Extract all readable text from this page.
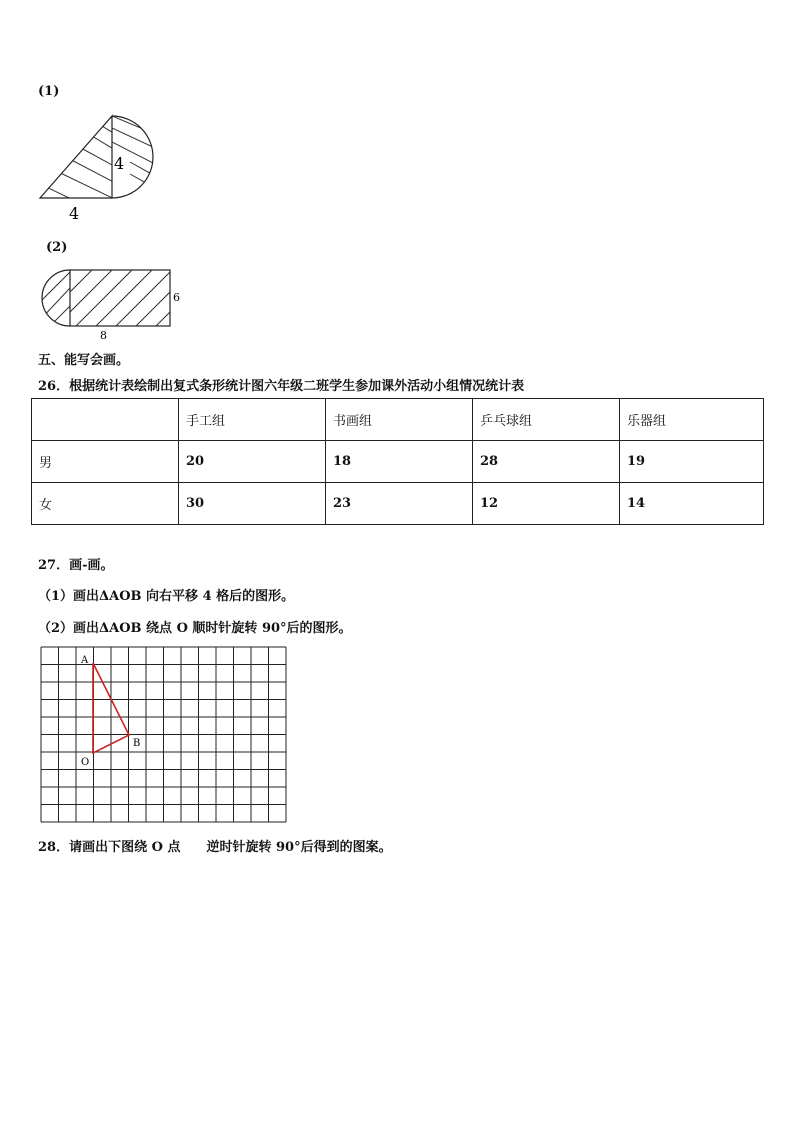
(1)
4
4
(2)
6
8
五、能写会画。
26．根据统计表绘制出复式条形统计图六年级二班学生参加课外活动小组情况统计表
	手工组	书画组	乒乓球组	乐器组
男	20	18	28	19
女	30	23	12	14
27．画-画。
（1）画出ΔAOB 向右平移 4 格后的图形。
（2）画出ΔAOB 绕点 O 顺时针旋转 90°后的图形。
A
B
O
28．请画出下图绕 O 点　　逆时针旋转 90°后得到的图案。
